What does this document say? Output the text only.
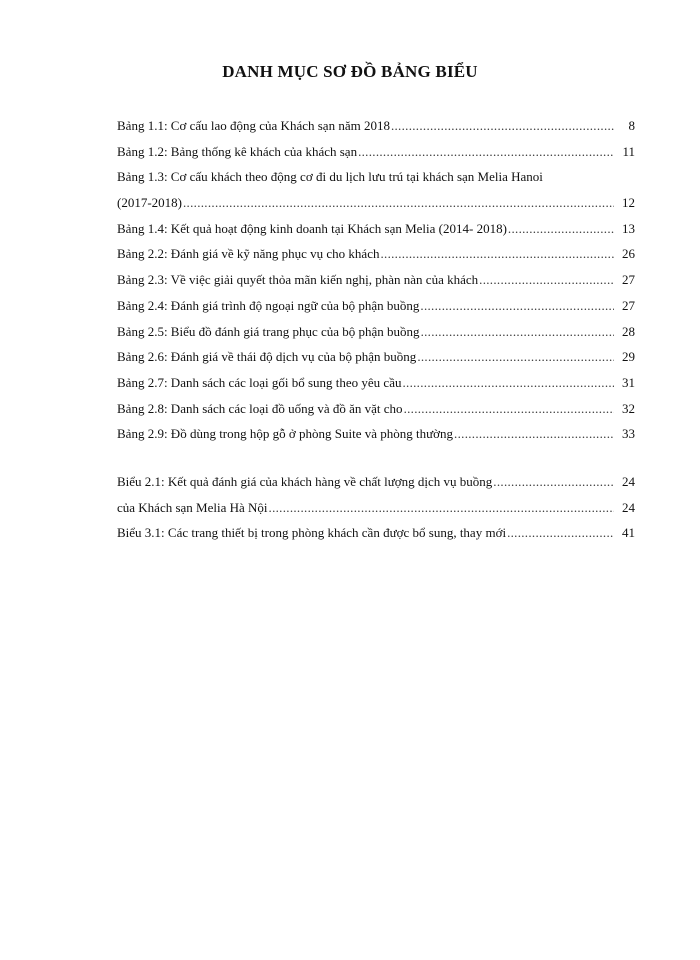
DANH MỤC SƠ ĐỒ BẢNG BIỂU
Bảng 1.1: Cơ cấu lao động của Khách sạn năm 2018 .....	8
Bảng 1.2: Bảng thống kê khách của khách sạn .....	11
Bảng 1.3: Cơ cấu khách theo động cơ đi du lịch lưu trú tại khách sạn Melia Hanoi
(2017-2018) .....	12
Bảng 1.4: Kết quả hoạt động kinh doanh tại Khách sạn Melia (2014- 2018) .....	13
Bảng 2.2: Đánh giá về kỹ năng phục vụ cho khách .....	26
Bảng 2.3: Về việc giải quyết thỏa mãn kiến nghị, phàn nàn của khách .....	27
Bảng 2.4: Đánh giá trình độ ngoại ngữ của bộ phận buồng .....	27
Bảng 2.5: Biểu đồ đánh giá trang phục của bộ phận buồng .....	28
Bảng 2.6: Đánh giá về thái độ dịch vụ của bộ phận buồng .....	29
Bảng 2.7: Danh sách các loại gối bổ sung theo yêu cầu .....	31
Bảng 2.8: Danh sách các loại đồ uống và đồ ăn vặt cho .....	32
Bảng 2.9: Đồ dùng trong hộp gỗ ở phòng Suite và phòng thường .....	33
Biểu 2.1: Kết quả đánh giá của khách hàng về chất lượng dịch vụ buồng .....	24
của Khách sạn Melia Hà Nội .....	24
Biểu 3.1: Các trang thiết bị trong phòng khách cần được bổ sung, thay mới .....	41
